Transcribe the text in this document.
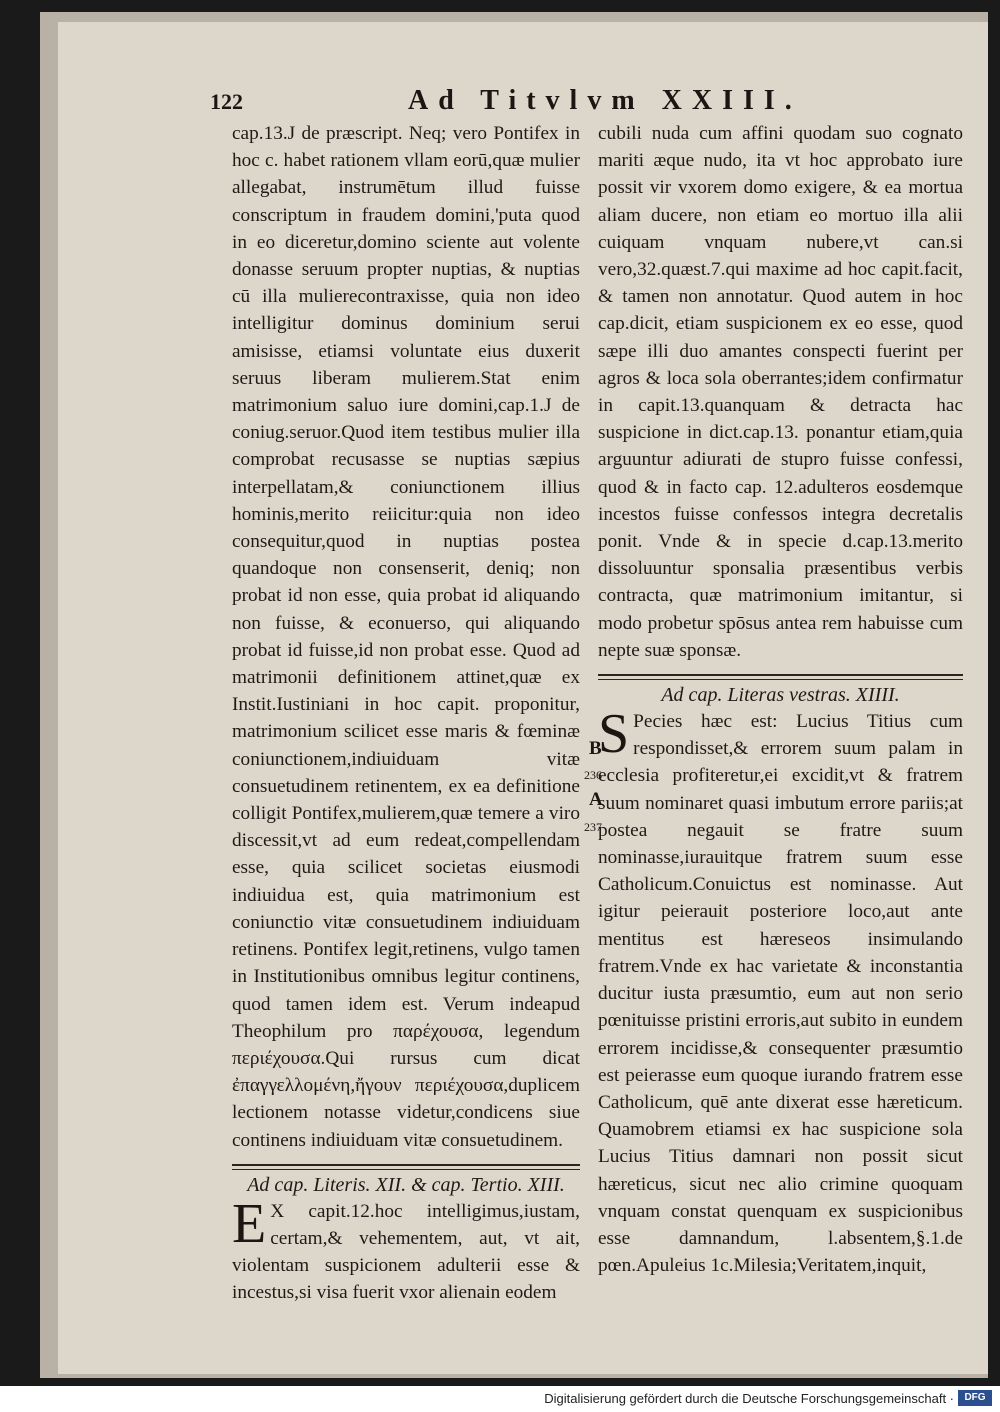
122	Ad Titvlvm XXIII.

cap.13.J de præscript. Neq; vero Pontifex in hoc c. habet rationem vllam eorū,quæ mulier allegabat, instrumētum illud fuisse conscriptum in fraudem domini,'puta quod in eo diceretur,domino sciente aut volente donasse seruum propter nuptias, & nuptias cū illa mulierecontraxisse, quia non ideo intelligitur dominus dominium serui amisisse, etiamsi voluntate eius duxerit seruus liberam mulierem.Stat enim matrimonium saluo iure domini,cap.1.J de coniug.seruor.Quod item testibus mulier illa comprobat recusasse se nuptias sæpius interpellatam,& coniunctionem illius hominis,merito reiicitur:quia non ideo consequitur,quod in nuptias postea quandoque non consenserit, deniq; non probat id non esse, quia probat id aliquando non fuisse, & econuerso, qui aliquando probat id fuisse,id non probat esse. Quod ad matrimonii definitionem attinet,quæ ex Instit.Iustiniani in hoc capit. proponitur, matrimonium scilicet esse maris & fœminæ coniunctionem,indiuiduam vitæ consuetudinem retinentem, ex ea definitione colligit Pontifex,mulierem,quæ temere a viro discessit,vt ad eum redeat,compellendam esse, quia scilicet societas eiusmodi indiuidua est, quia matrimonium est coniunctio vitæ consuetudinem indiuiduam retinens. Pontifex legit,retinens, vulgo tamen in Institutionibus omnibus legitur continens, quod tamen idem est. Verum indeapud Theophilum pro παρέχουσα, legendum περιέχουσα.Qui rursus cum dicat ἐπαγγελλομένη,ἤγουν περιέχουσα,duplicem lectionem notasse videtur,condicens siue continens indiuiduam vitæ consuetudinem.

Ad cap. Literis. XII. & cap. Tertio. XIII.

E X capit.12.hoc intelligimus,iustam, certam,& vehementem, aut, vt ait, violentam suspicionem adulterii esse & incestus,si visa fuerit vxor alienain eodem

cubili nuda cum affini quodam suo cognato mariti æque nudo, ita vt hoc approbato iure possit vir vxorem domo exigere, & ea mortua aliam ducere, non etiam eo mortuo illa alii cuiquam vnquam nubere,vt can.si vero,32.quæst.7.qui maxime ad hoc capit.facit, & tamen non annotatur. Quod autem in hoc cap.dicit, etiam suspicionem ex eo esse, quod sæpe illi duo amantes conspecti fuerint per agros & loca sola oberrantes;idem confirmatur in capit.13.quanquam & detracta hac suspicione in dict.cap.13. ponantur etiam,quia arguuntur adiurati de stupro fuisse confessi, quod & in facto cap. 12.adulteros eosdemque incestos fuisse confessos integra decretalis ponit. Vnde & in specie d.cap.13.merito dissoluuntur sponsalia præsentibus verbis contracta, quæ matrimonium imitantur, si modo probetur spōsus antea rem habuisse cum nepte suæ sponsæ.

Ad cap. Literas vestras. XIIII.

S Pecies hæc est: Lucius Titius cum respondisset,& errorem suum palam in ecclesia profiteretur,ei excidit,vt & fratrem suum nominaret quasi imbutum errore pariis;at postea negauit se fratre suum nominasse,iurauitque fratrem suum esse Catholicum.Conuictus est nominasse. Aut igitur peierauit posteriore loco,aut ante mentitus est hæreseos insimulando fratrem.Vnde ex hac varietate & inconstantia ducitur iusta præsumtio, eum aut non serio pœnituisse pristini erroris,aut subito in eundem errorem incidisse,& consequenter præsumtio est peierasse eum quoque iurando fratrem esse Catholicum, quē ante dixerat esse hæreticum. Quamobrem etiamsi ex hac suspicione sola Lucius Titius damnari non possit sicut hæreticus, sicut nec alio crimine quoquam vnquam constat quenquam ex suspicionibus esse damnandum, l.absentem,§.1.de pœn.Apuleius 1c.Milesia;Veritatem,inquit,

B
236
A
237
Digitalisierung gefördert durch die Deutsche Forschungsgemeinschaft ·	DFG
